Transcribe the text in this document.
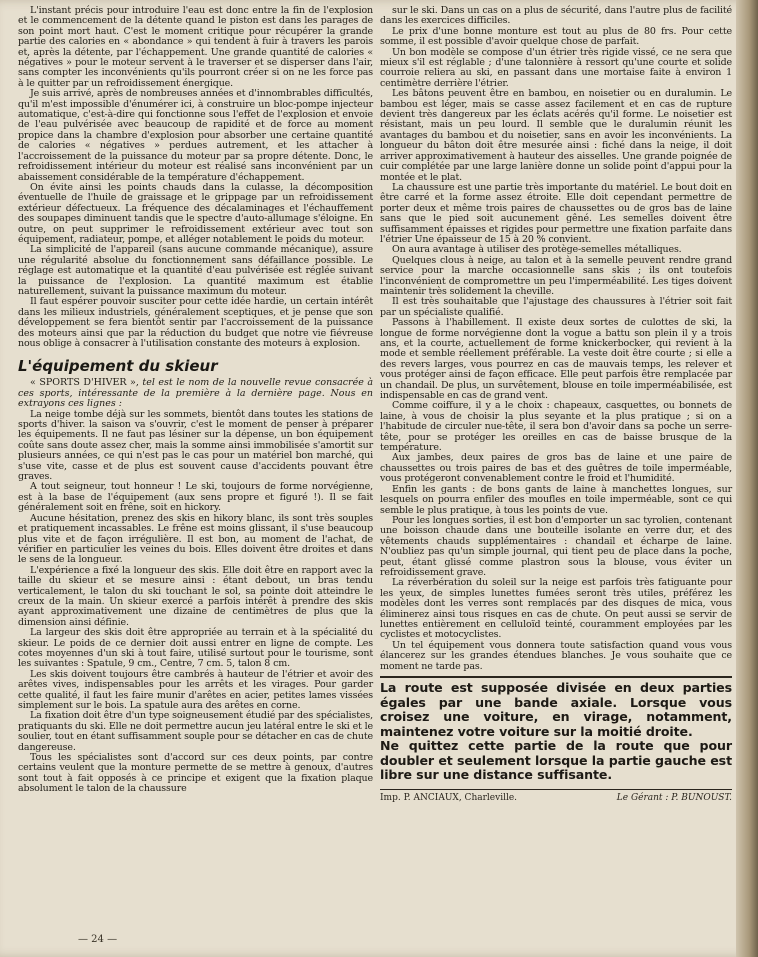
L'instant précis pour introduire l'eau est donc entre la fin de l'explosion et le commencement de la détente quand le piston est dans les parages de son point mort haut. C'est le moment critique pour récupérer la grande partie des calories en « abondance » qui tendent à fuir à travers les parois et, après la détente, par l'échappement. Une grande quantité de calories « négatives » pour le moteur servent à le traverser et se disperser dans l'air, sans compter les inconvénients qu'ils pourront créer si on ne les force pas à le quitter par un refroidissement énergique.

Je suis arrivé, après de nombreuses années et d'innombrables difficultés, qu'il m'est impossible d'énumérer ici, à construire un bloc-pompe injecteur automatique, c'est-à-dire qui fonctionne sous l'effet de l'explosion et envoie de l'eau pulvérisée avec beaucoup de rapidité et de force au moment propice dans la chambre d'explosion pour absorber une certaine quantité de calories « négatives » perdues autrement, et les attacher à l'accroissement de la puissance du moteur par sa propre détente. Donc, le refroidissement intérieur du moteur est réalisé sans inconvénient par un abaissement considérable de la température d'échappement.

On évite ainsi les points chauds dans la culasse, la décomposition éventuelle de l'huile de graissage et le grippage par un refroidissement extérieur défectueux. La fréquence des décalaminages et l'échauffement des soupapes diminuent tandis que le spectre d'auto-allumage s'éloigne. En outre, on peut supprimer le refroidissement extérieur avec tout son équipement, radiateur, pompe, et alléger notablement le poids du moteur.

La simplicité de l'appareil (sans aucune commande mécanique), assure une régularité absolue du fonctionnement sans défaillance possible. Le réglage est automatique et la quantité d'eau pulvérisée est réglée suivant la puissance de l'explosion. La quantité maximum est établie naturellement, suivant la puissance maximum du moteur.

Il faut espérer pouvoir susciter pour cette idée hardie, un certain intérêt dans les milieux industriels, généralement sceptiques, et je pense que son développement se fera bientôt sentir par l'accroissement de la puissance des moteurs ainsi que par la réduction du budget que notre vie fiévreuse nous oblige à consacrer à l'utilisation constante des moteurs à explosion.

L'équipement du skieur

« SPORTS D'HIVER », tel est le nom de la nouvelle revue consacrée à ces sports, intéressante de la première à la dernière page. Nous en extrayons ces lignes :

La neige tombe déjà sur les sommets, bientôt dans toutes les stations de sports d'hiver. la saison va s'ouvrir, c'est le moment de penser à préparer les équipements. Il ne faut pas lésiner sur la dépense, un bon équipement coûte sans doute assez cher, mais la somme ainsi immobilisée s'amortit sur plusieurs années, ce qui n'est pas le cas pour un matériel bon marché, qui s'use vite, casse et de plus est souvent cause d'accidents pouvant être graves.

A tout seigneur, tout honneur ! Le ski, toujours de forme norvégienne, est à la base de l'équipement (aux sens propre et figuré !). Il se fait généralement soit en frêne, soit en hickory.

Aucune hésitation, prenez des skis en hikory blanc, ils sont très souples et pratiquement incassables. Le frêne est moins glissant, il s'use beaucoup plus vite et de façon irrégulière. Il est bon, au moment de l'achat, de vérifier en particulier les veines du bois. Elles doivent être droites et dans le sens de la longueur.

L'expérience a fixé la longueur des skis. Elle doit être en rapport avec la taille du skieur et se mesure ainsi : étant debout, un bras tendu verticalement, le talon du ski touchant le sol, sa pointe doit atteindre le creux de la main. Un skieur exercé a parfois intérêt à prendre des skis ayant approximativement une dizaine de centimètres de plus que la dimension ainsi définie.

La largeur des skis doit être appropriée au terrain et à la spécialité du skieur. Le poids de ce dernier doit aussi entrer en ligne de compte. Les cotes moyennes d'un ski à tout faire, utilisé surtout pour le tourisme, sont les suivantes : Spatule, 9 cm., Centre, 7 cm. 5, talon 8 cm.

Les skis doivent toujours être cambrés à hauteur de l'étrier et avoir des arêtes vives, indispensables pour les arrêts et les virages. Pour garder cette qualité, il faut les faire munir d'arêtes en acier, petites lames vissées simplement sur le bois. La spatule aura des arêtes en corne.

La fixation doit être d'un type soigneusement étudié par des spécialistes, pratiquants du ski. Elle ne doit permettre aucun jeu latéral entre le ski et le soulier, tout en étant suffisamment souple pour se détacher en cas de chute dangereuse.

Tous les spécialistes sont d'accord sur ces deux points, par contre certains veulent que la monture permette de se mettre à genoux, d'autres sont tout à fait opposés à ce principe et exigent que la fixation plaque absolument le talon de la chaussure

sur le ski. Dans un cas on a plus de sécurité, dans l'autre plus de facilité dans les exercices difficiles.

Le prix d'une bonne monture est tout au plus de 80 frs. Pour cette somme, il est possible d'avoir quelque chose de parfait.

Un bon modèle se compose d'un étrier très rigide vissé, ce ne sera que mieux s'il est réglable ; d'une talonnière à ressort qu'une courte et solide courroie reliera au ski, en passant dans une mortaise faite à environ 1 centimètre derrière l'étrier.

Les bâtons peuvent être en bambou, en noisetier ou en duralumin. Le bambou est léger, mais se casse assez facilement et en cas de rupture devient très dangereux par les éclats acérés qu'il forme. Le noisetier est résistant, mais un peu lourd. Il semble que le duralumin réunit les avantages du bambou et du noisetier, sans en avoir les inconvénients. La longueur du bâton doit être mesurée ainsi : fiché dans la neige, il doit arriver approximativement à hauteur des aisselles. Une grande poignée de cuir complétée par une large lanière donne un solide point d'appui pour la montée et le plat.

La chaussure est une partie très importante du matériel. Le bout doit en être carré et la forme assez étroite. Elle doit cependant permettre de porter deux et même trois paires de chaussettes ou de gros bas de laine sans que le pied soit aucunement gêné. Les semelles doivent être suffisamment épaisses et rigides pour permettre une fixation parfaite dans l'étrier Une épaisseur de 15 à 20 % convient.

On aura avantage à utiliser des protège-semelles métalliques.

Quelques clous à neige, au talon et à la semelle peuvent rendre grand service pour la marche occasionnelle sans skis ; ils ont toutefois l'inconvénient de compromettre un peu l'imperméabilité. Les tiges doivent maintenir très solidement la cheville.

Il est très souhaitable que l'ajustage des chaussures à l'étrier soit fait par un spécialiste qualifié.

Passons à l'habillement. Il existe deux sortes de culottes de ski, la longue de forme norvégienne dont la vogue a battu son plein il y a trois ans, et la courte, actuellement de forme knickerbocker, qui revient à la mode et semble réellement préférable. La veste doit être courte ; si elle a des revers larges, vous pourrez en cas de mauvais temps, les relever et vous protéger ainsi de façon efficace. Elle peut parfois être remplacée par un chandail. De plus, un survêtement, blouse en toile imperméabilisée, est indispensable en cas de grand vent.

Comme coiffure, il y a le choix : chapeaux, casquettes, ou bonnets de laine, à vous de choisir la plus seyante et la plus pratique ; si on a l'habitude de circuler nue-tête, il sera bon d'avoir dans sa poche un serre-tête, pour se protéger les oreilles en cas de baisse brusque de la température.

Aux jambes, deux paires de gros bas de laine et une paire de chaussettes ou trois paires de bas et des guêtres de toile imperméable, vous protégeront convenablement contre le froid et l'humidité.

Enfin les gants : de bons gants de laine à manchettes longues, sur lesquels on pourra enfiler des moufles en toile imperméable, sont ce qui semble le plus pratique, à tous les points de vue.

Pour les longues sorties, il est bon d'emporter un sac tyrolien, contenant une boisson chaude dans une bouteille isolante en verre dur, et des vêtements chauds supplémentaires : chandail et écharpe de laine. N'oubliez pas qu'un simple journal, qui tient peu de place dans la poche, peut, étant glissé comme plastron sous la blouse, vous éviter un refroidissement grave.

La réverbération du soleil sur la neige est parfois très fatiguante pour les yeux, de simples lunettes fumées seront très utiles, préférez les modèles dont les verres sont remplacés par des disques de mica, vous éliminerez ainsi tous risques en cas de chute. On peut aussi se servir de lunettes entièrement en celluloïd teinté, couramment employées par les cyclistes et motocyclistes.

Un tel équipement vous donnera toute satisfaction quand vous vous élancerez sur les grandes étendues blanches. Je vous souhaite que ce moment ne tarde pas.

La route est supposée divisée en deux parties égales par une bande axiale. Lorsque vous croisez une voiture, en virage, notamment, maintenez votre voiture sur la moitié droite.

Ne quittez cette partie de la route que pour doubler et seulement lorsque la partie gauche est libre sur une distance suffisante.

Imp. P. ANCIAUX, Charleville.	Le Gérant : P. BUNOUST.
— 24 —
